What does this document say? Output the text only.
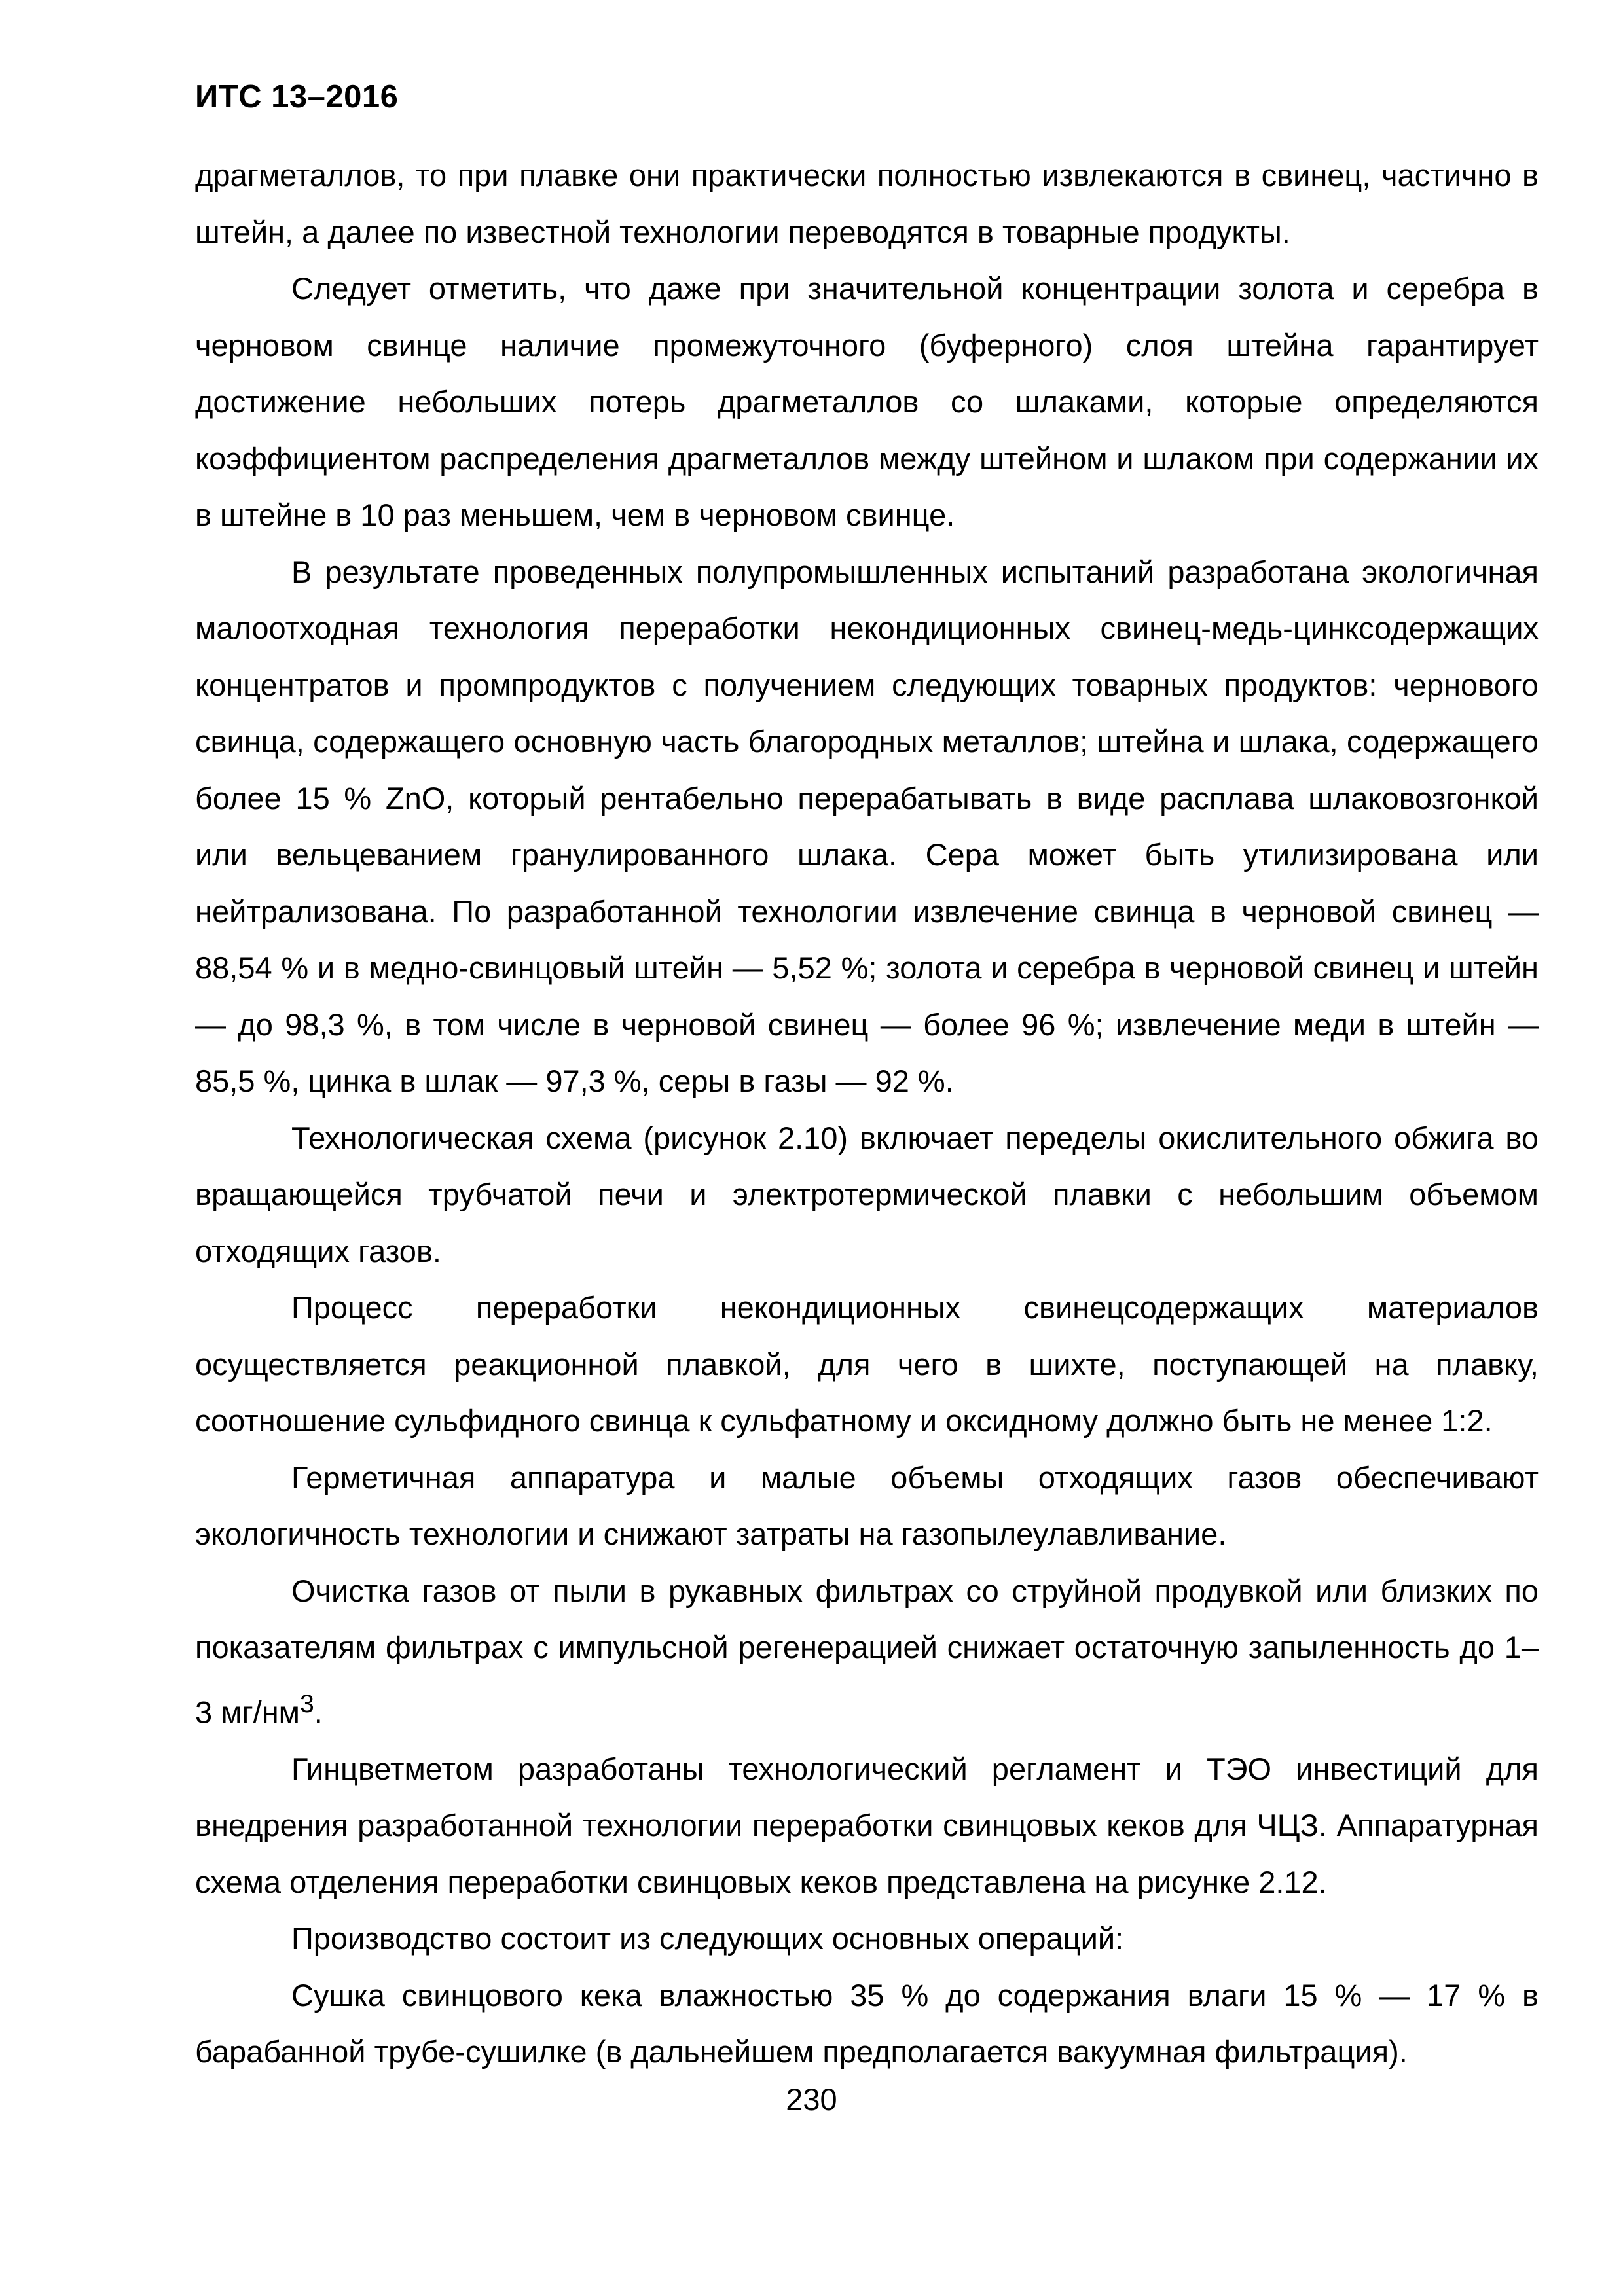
ИТС 13–2016

драгметаллов, то при плавке они практически полностью извлекаются в свинец, частично в штейн, а далее по известной технологии переводятся в товарные продукты.

Следует отметить, что даже при значительной концентрации золота и серебра в черновом свинце наличие промежуточного (буферного) слоя штейна гарантирует достижение небольших потерь драгметаллов со шлаками, которые определяются коэффициентом распределения драгметаллов между штейном и шлаком при содержании их в штейне в 10 раз меньшем, чем в черновом свинце.

В результате проведенных полупромышленных испытаний разработана экологичная малоотходная технология переработки некондиционных свинец-медь-цинксодержащих концентратов и промпродуктов с получением следующих товарных продуктов: чернового свинца, содержащего основную часть благородных металлов; штейна и шлака, содержащего более 15 % ZnO, который рентабельно перерабатывать в виде расплава шлаковозгонкой или вельцеванием гранулированного шлака. Сера может быть утилизирована или нейтрализована. По разработанной технологии извлечение свинца в черновой свинец — 88,54 % и в медно-свинцовый штейн — 5,52 %; золота и серебра в черновой свинец и штейн — до 98,3 %, в том числе в черновой свинец — более 96 %; извлечение меди в штейн — 85,5 %, цинка в шлак — 97,3 %, серы в газы — 92 %.

Технологическая схема (рисунок 2.10) включает переделы окислительного обжига во вращающейся трубчатой печи и электротермической плавки с небольшим объемом отходящих газов.

Процесс переработки некондиционных свинецсодержащих материалов осуществляется реакционной плавкой, для чего в шихте, поступающей на плавку, соотношение сульфидного свинца к сульфатному и оксидному должно быть не менее 1:2.

Герметичная аппаратура и малые объемы отходящих газов обеспечивают экологичность технологии и снижают затраты на газопылеулавливание.

Очистка газов от пыли в рукавных фильтрах со струйной продувкой или близких по показателям фильтрах с импульсной регенерацией снижает остаточную запыленность до 1–3 $мг/нм^3$.

Гинцветметом разработаны технологический регламент и ТЭО инвестиций для внедрения разработанной технологии переработки свинцовых кеков для ЧЦЗ. Аппаратурная схема отделения переработки свинцовых кеков представлена на рисунке 2.12.

Производство состоит из следующих основных операций:

Сушка свинцового кека влажностью 35 % до содержания влаги 15 % — 17 % в барабанной трубе-сушилке (в дальнейшем предполагается вакуумная фильтрация).

230
